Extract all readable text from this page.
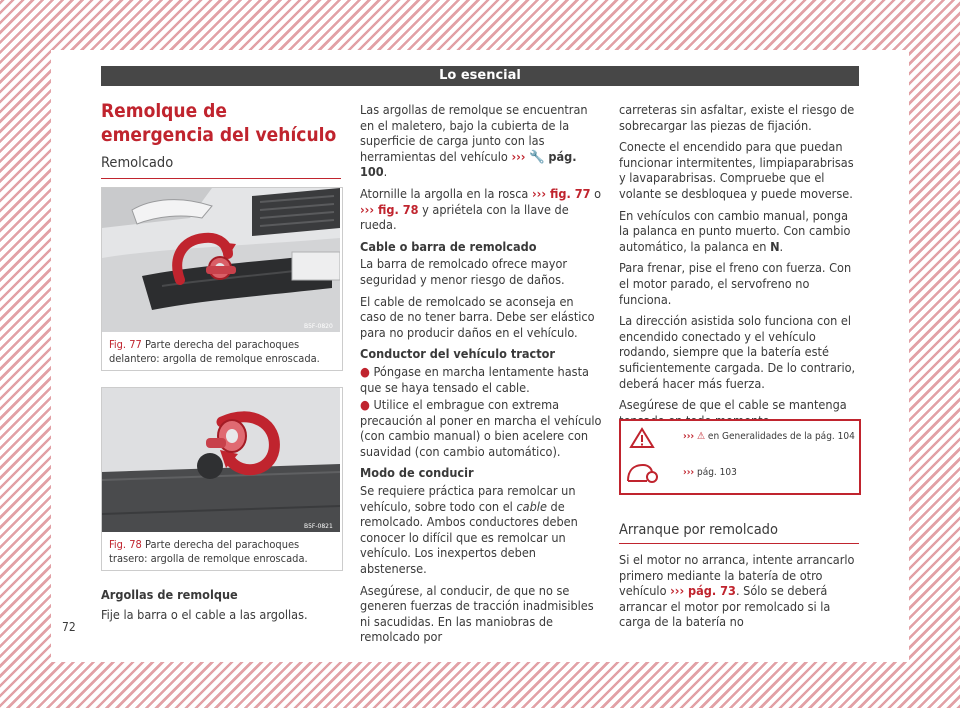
Lo esencial
Remolque de emergencia del vehículo
Remolcado
B5F-0820
Fig. 77 Parte derecha del parachoques delantero: argolla de remolque enroscada.
B5F-0821
Fig. 78 Parte derecha del parachoques trasero: argolla de remolque enroscada.

Argollas de remolque

Fije la barra o el cable a las argollas.

Las argollas de remolque se encuentran en el maletero, bajo la cubierta de la superficie de carga junto con las herramientas del vehículo ››› 🔧 pág. 100.

Atornille la argolla en la rosca ››› fig. 77 o ››› fig. 78 y apriétela con la llave de rueda.

Cable o barra de remolcado

La barra de remolcado ofrece mayor seguridad y menor riesgo de daños.

El cable de remolcado se aconseja en caso de no tener barra. Debe ser elástico para no producir daños en el vehículo.

Conductor del vehículo tractor

● Póngase en marcha lentamente hasta que se haya tensado el cable.

● Utilice el embrague con extrema precaución al poner en marcha el vehículo (con cambio manual) o bien acelere con suavidad (con cambio automático).

Modo de conducir

Se requiere práctica para remolcar un vehículo, sobre todo con el cable de remolcado. Ambos conductores deben conocer lo difícil que es remolcar un vehículo. Los inexpertos deben abstenerse.

Asegúrese, al conducir, de que no se generen fuerzas de tracción inadmisibles ni sacudidas. En las maniobras de remolcado por

carreteras sin asfaltar, existe el riesgo de sobrecargar las piezas de fijación.

Conecte el encendido para que puedan funcionar intermitentes, limpiaparabrisas y lavaparabrisas. Compruebe que el volante se desbloquea y puede moverse.

En vehículos con cambio manual, ponga la palanca en punto muerto. Con cambio automático, la palanca en N.

Para frenar, pise el freno con fuerza. Con el motor parado, el servofreno no funciona.

La dirección asistida solo funciona con el encendido conectado y el vehículo rodando, siempre que la batería esté suficientemente cargada. De lo contrario, deberá hacer más fuerza.

Asegúrese de que el cable se mantenga

››› ⚠ en Generalidades de la pág. 104
››› pág. 103
Arranque por remolcado

Si el motor no arranca, intente arrancarlo primero mediante la batería de otro vehículo ››› pág. 73. Sólo se deberá arrancar el motor por remolcado si la carga de la batería no

72
